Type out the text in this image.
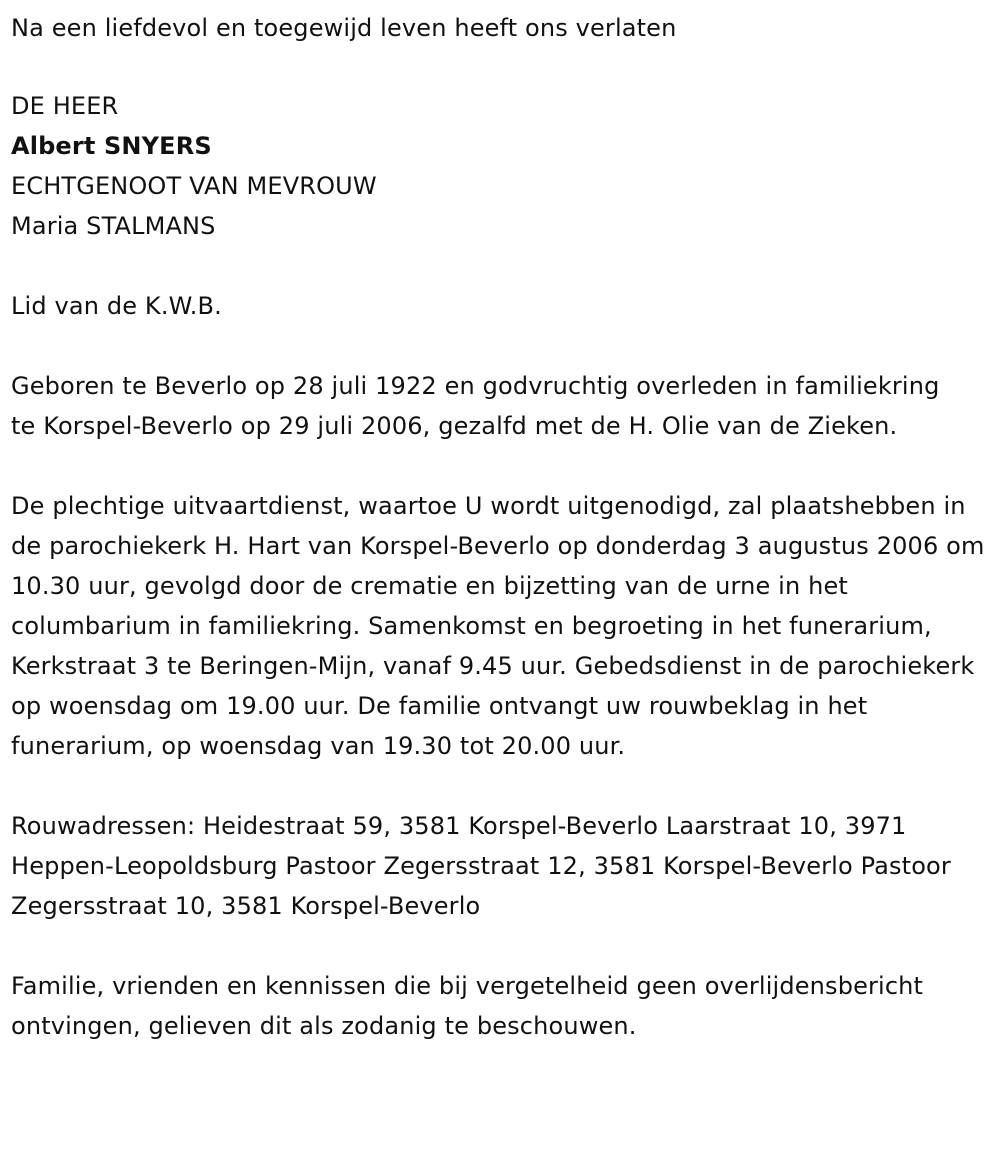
Na een liefdevol en toegewijd leven heeft ons verlaten

DE HEER

Albert SNYERS

ECHTGENOOT VAN MEVROUW

Maria STALMANS

Lid van de K.W.B.

Geboren te Beverlo op 28 juli 1922 en godvruchtig overleden in familiekring te Korspel-Beverlo op 29 juli 2006, gezalfd met de H. Olie van de Zieken.

De plechtige uitvaartdienst, waartoe U wordt uitgenodigd, zal plaatshebben in de parochiekerk H. Hart van Korspel-Beverlo op donderdag 3 augustus 2006 om 10.30 uur, gevolgd door de crematie en bijzetting van de urne in het columbarium in familiekring. Samenkomst en begroeting in het funerarium, Kerkstraat 3 te Beringen-Mijn, vanaf 9.45 uur. Gebedsdienst in de parochiekerk op woensdag om 19.00 uur. De familie ontvangt uw rouwbeklag in het funerarium, op woensdag van 19.30 tot 20.00 uur.

Rouwadressen: Heidestraat 59, 3581 Korspel-Beverlo Laarstraat 10, 3971 Heppen-Leopoldsburg Pastoor Zegersstraat 12, 3581 Korspel-Beverlo Pastoor Zegersstraat 10, 3581 Korspel-Beverlo

Familie, vrienden en kennissen die bij vergetelheid geen overlijdensbericht ontvingen, gelieven dit als zodanig te beschouwen.
